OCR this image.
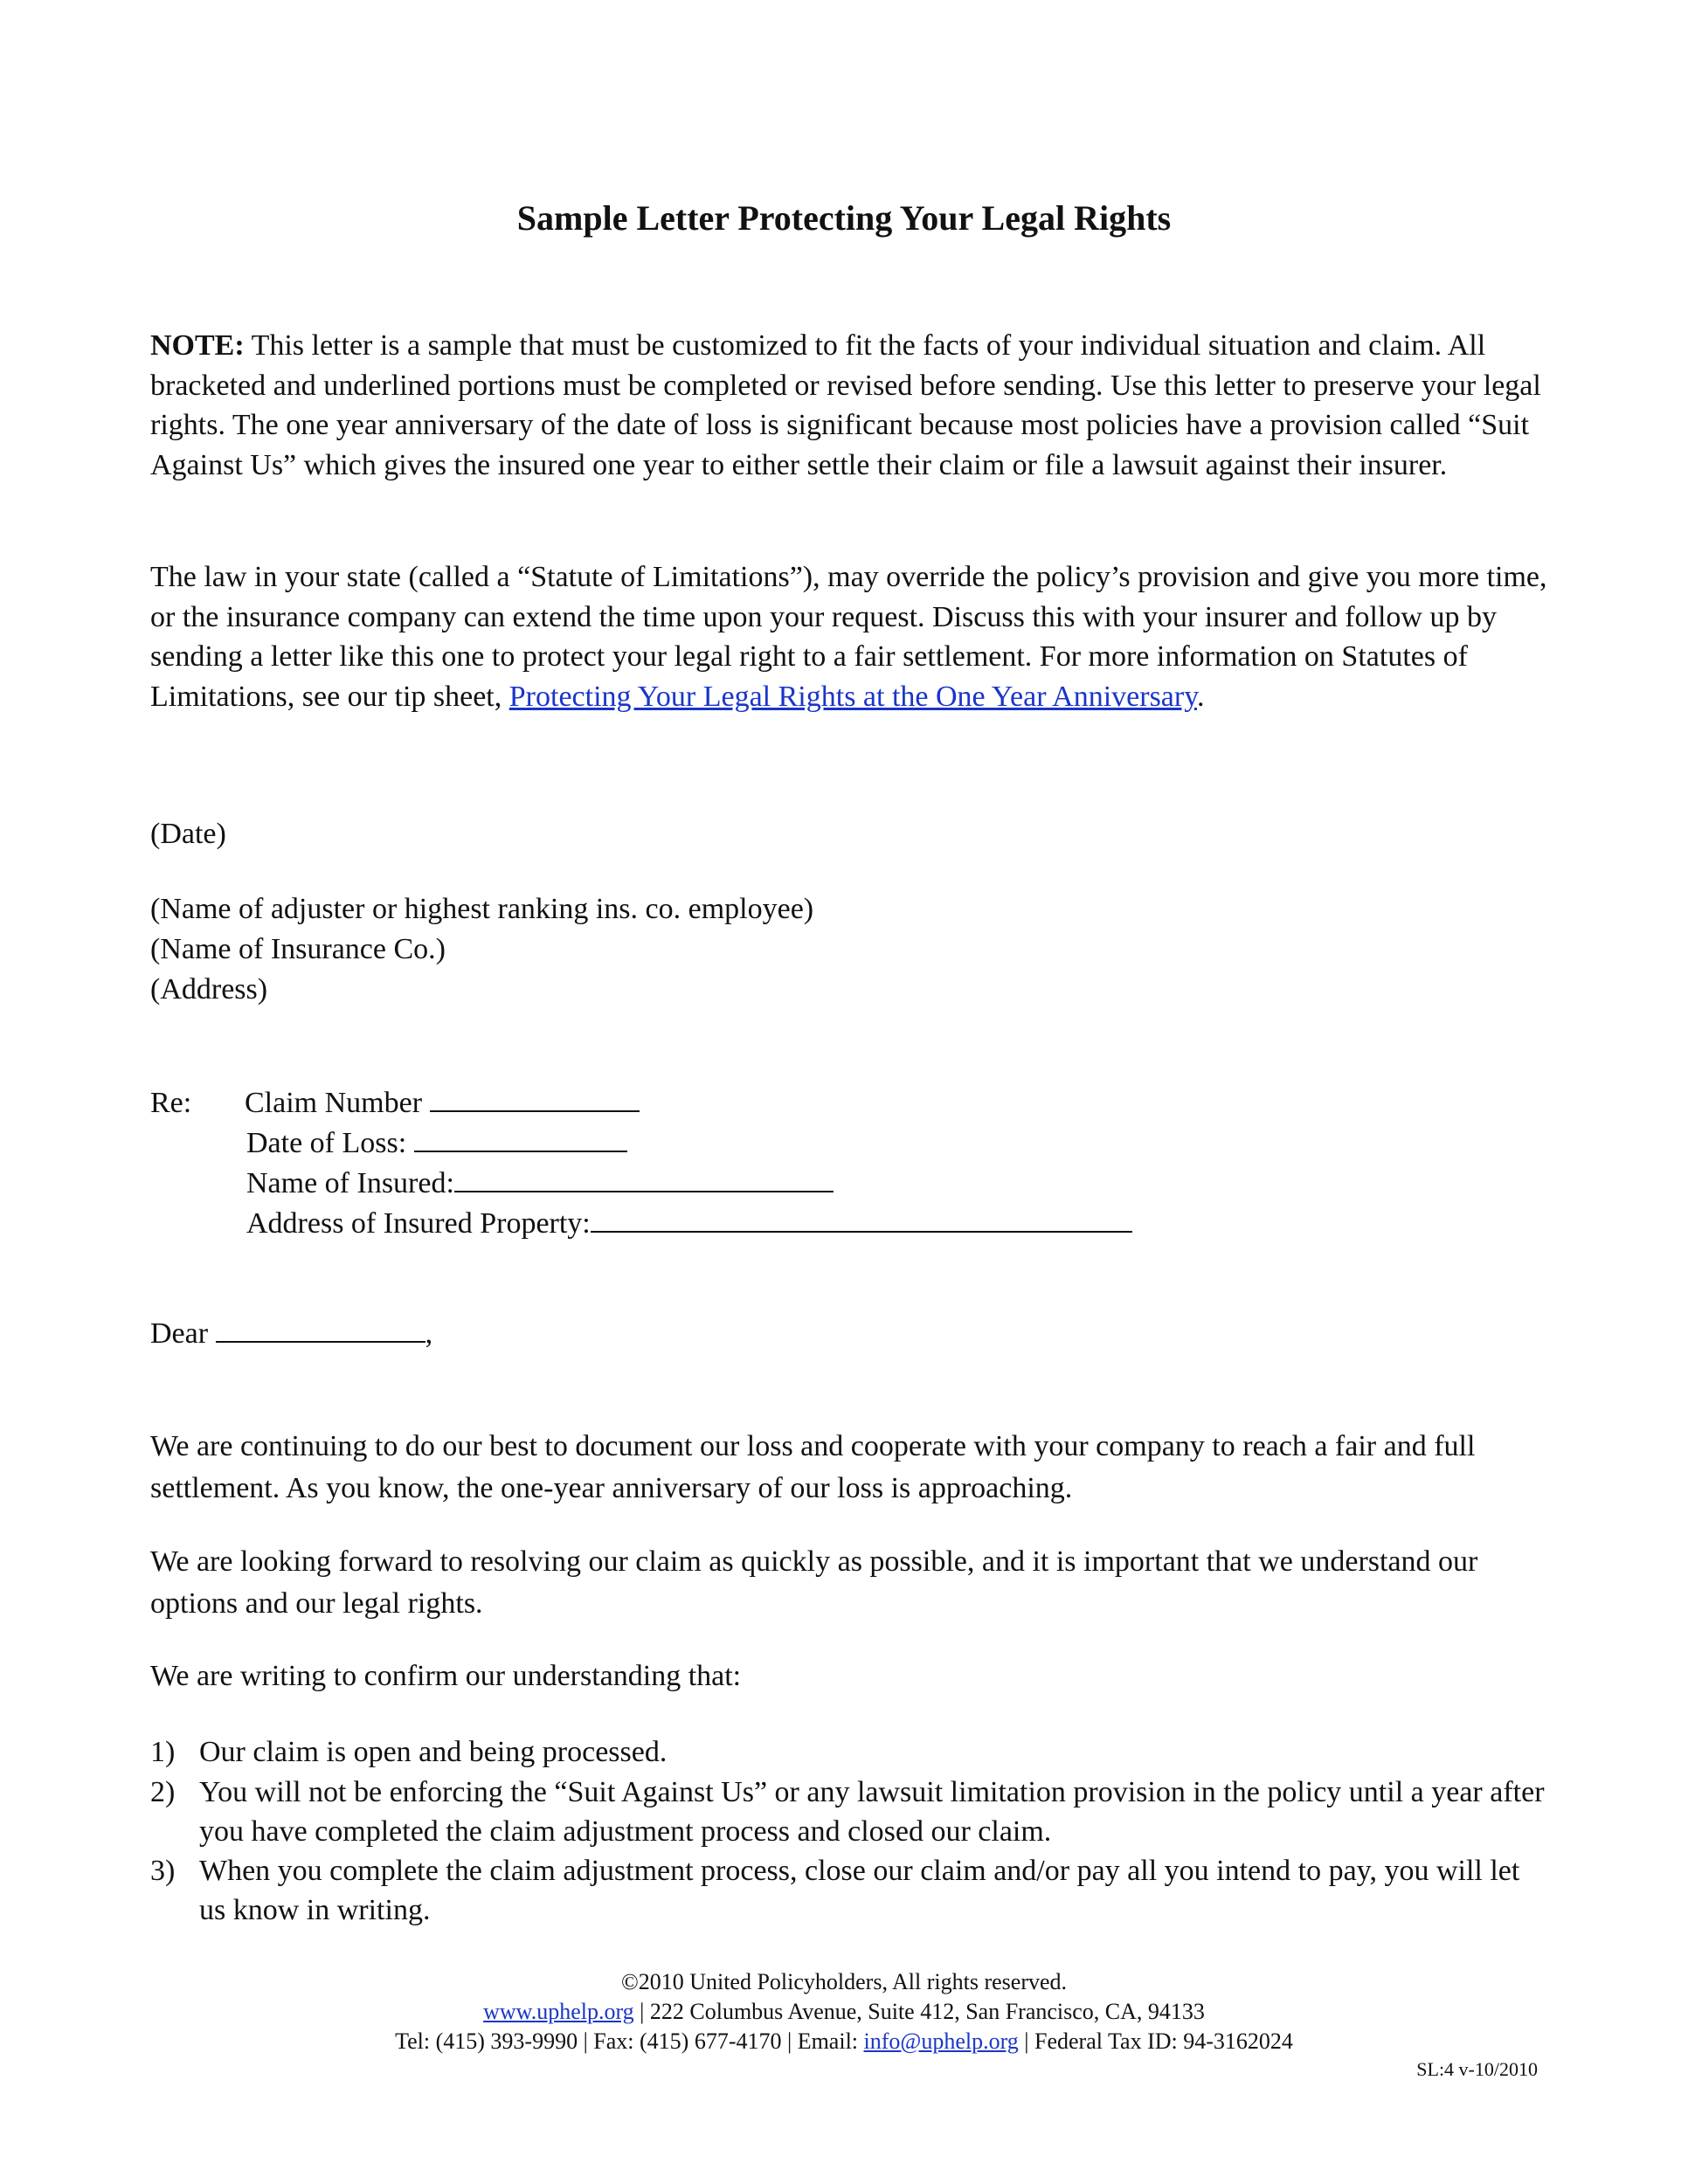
Sample Letter Protecting Your Legal Rights
NOTE: This letter is a sample that must be customized to fit the facts of your individual situation and claim. All bracketed and underlined portions must be completed or revised before sending. Use this letter to preserve your legal rights. The one year anniversary of the date of loss is significant because most policies have a provision called “Suit Against Us” which gives the insured one year to either settle their claim or file a lawsuit against their insurer.
The law in your state (called a “Statute of Limitations”), may override the policy’s provision and give you more time, or the insurance company can extend the time upon your request. Discuss this with your insurer and follow up by sending a letter like this one to protect your legal right to a fair settlement. For more information on Statutes of Limitations, see our tip sheet, Protecting Your Legal Rights at the One Year Anniversary.
(Date)
(Name of adjuster or highest ranking ins. co. employee)
(Name of Insurance Co.)
(Address)
Re: Claim Number
Date of Loss:
Name of Insured:
Address of Insured Property:
Dear	,
We are continuing to do our best to document our loss and cooperate with your company to reach a fair and full settlement. As you know, the one-year anniversary of our loss is approaching.
We are looking forward to resolving our claim as quickly as possible, and it is important that we understand our options and our legal rights.
We are writing to confirm our understanding that:
1) Our claim is open and being processed.
2) You will not be enforcing the “Suit Against Us” or any lawsuit limitation provision in the policy until a year after you have completed the claim adjustment process and closed our claim.
3) When you complete the claim adjustment process, close our claim and/or pay all you intend to pay, you will let us know in writing.
©2010 United Policyholders, All rights reserved.
www.uphelp.org | 222 Columbus Avenue, Suite 412, San Francisco, CA, 94133
Tel: (415) 393-9990 | Fax: (415) 677-4170 | Email: info@uphelp.org | Federal Tax ID: 94-3162024
SL:4 v-10/2010
